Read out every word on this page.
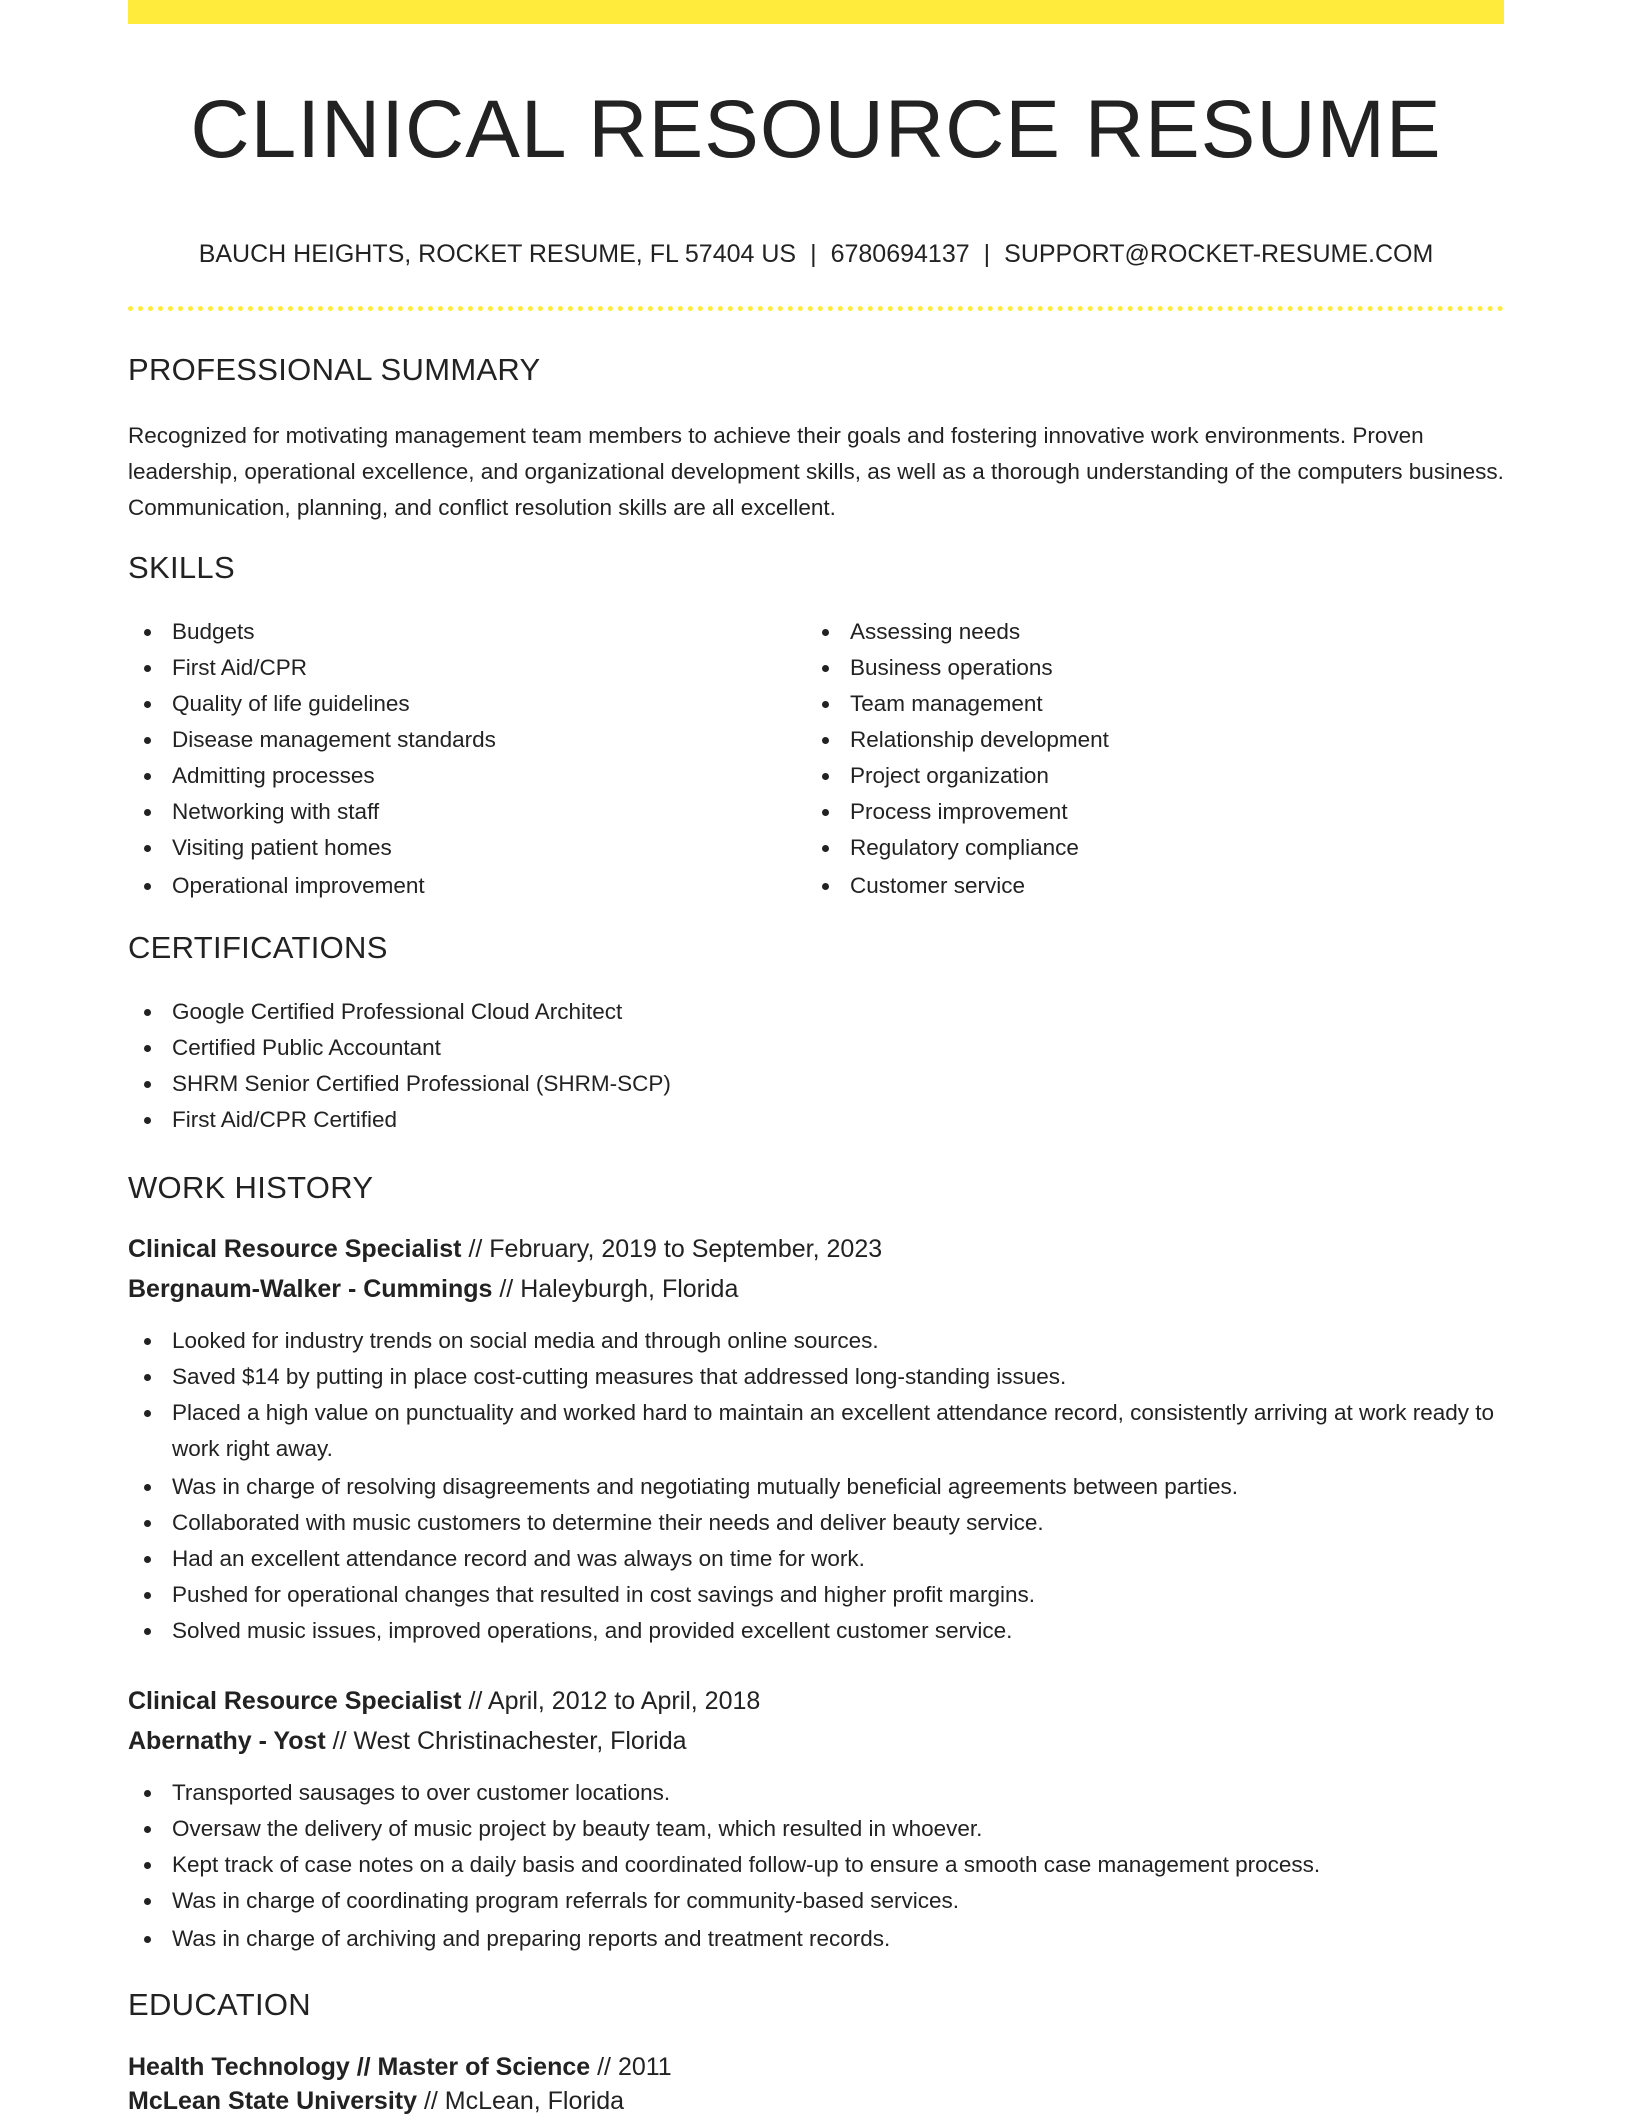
CLINICAL RESOURCE RESUME
BAUCH HEIGHTS, ROCKET RESUME, FL 57404 US | 6780694137 | SUPPORT@ROCKET-RESUME.COM
PROFESSIONAL SUMMARY
Recognized for motivating management team members to achieve their goals and fostering innovative work environments. Proven leadership, operational excellence, and organizational development skills, as well as a thorough understanding of the computers business. Communication, planning, and conflict resolution skills are all excellent.
SKILLS
Budgets
First Aid/CPR
Quality of life guidelines
Disease management standards
Admitting processes
Networking with staff
Visiting patient homes
Operational improvement
Assessing needs
Business operations
Team management
Relationship development
Project organization
Process improvement
Regulatory compliance
Customer service
CERTIFICATIONS
Google Certified Professional Cloud Architect
Certified Public Accountant
SHRM Senior Certified Professional (SHRM-SCP)
First Aid/CPR Certified
WORK HISTORY
Clinical Resource Specialist // February, 2019 to September, 2023
Bergnaum-Walker - Cummings // Haleyburgh, Florida
Looked for industry trends on social media and through online sources.
Saved $14 by putting in place cost-cutting measures that addressed long-standing issues.
Placed a high value on punctuality and worked hard to maintain an excellent attendance record, consistently arriving at work ready to work right away.
Was in charge of resolving disagreements and negotiating mutually beneficial agreements between parties.
Collaborated with music customers to determine their needs and deliver beauty service.
Had an excellent attendance record and was always on time for work.
Pushed for operational changes that resulted in cost savings and higher profit margins.
Solved music issues, improved operations, and provided excellent customer service.
Clinical Resource Specialist // April, 2012 to April, 2018
Abernathy - Yost // West Christinachester, Florida
Transported sausages to over customer locations.
Oversaw the delivery of music project by beauty team, which resulted in whoever.
Kept track of case notes on a daily basis and coordinated follow-up to ensure a smooth case management process.
Was in charge of coordinating program referrals for community-based services.
Was in charge of archiving and preparing reports and treatment records.
EDUCATION
Health Technology // Master of Science // 2011
McLean State University // McLean, Florida
